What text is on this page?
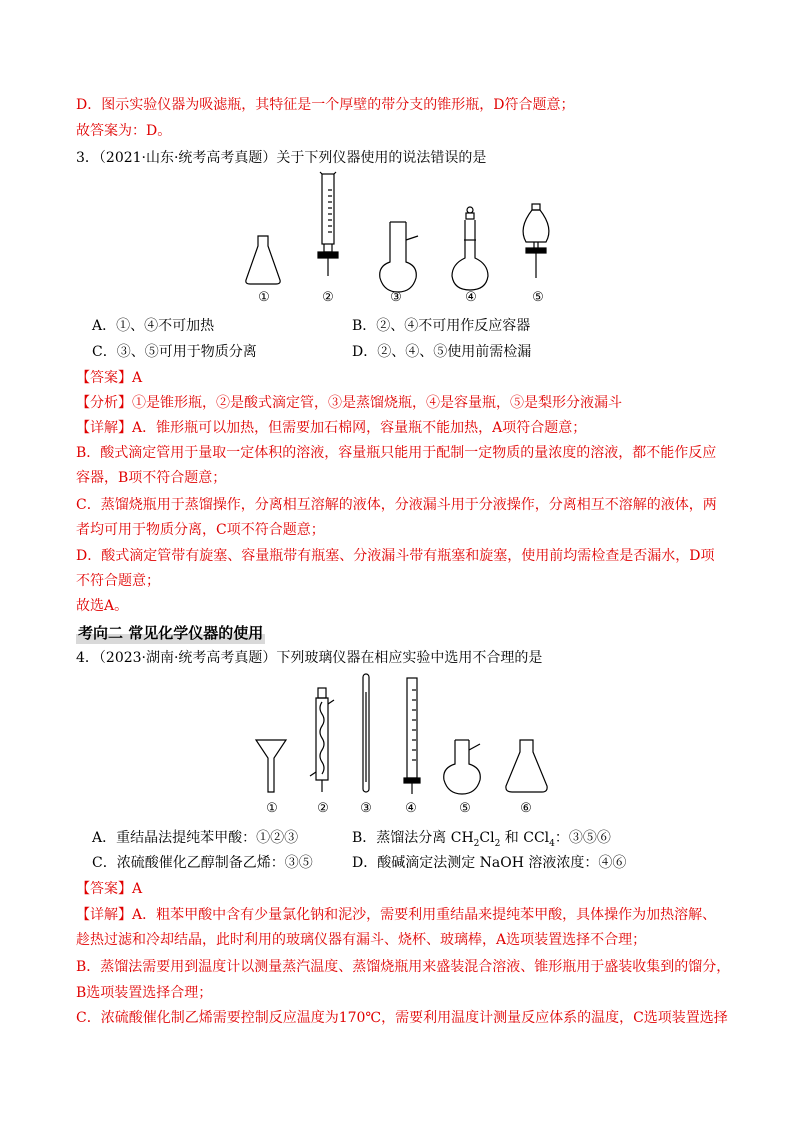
D．图示实验仪器为吸滤瓶，其特征是一个厚壁的带分支的锥形瓶，D符合题意；
故答案为：D。
3．（2021·山东·统考高考真题）关于下列仪器使用的说法错误的是
①	②	③	④	⑤
A．①、④不可加热	B．②、④不可用作反应容器
C．③、⑤可用于物质分离	D．②、④、⑤使用前需检漏
【答案】A
【分析】①是锥形瓶，②是酸式滴定管，③是蒸馏烧瓶，④是容量瓶，⑤是梨形分液漏斗
【详解】A．锥形瓶可以加热，但需要加石棉网，容量瓶不能加热，A项符合题意；
B．酸式滴定管用于量取一定体积的溶液，容量瓶只能用于配制一定物质的量浓度的溶液，都不能作反应
容器，B项不符合题意；
C．蒸馏烧瓶用于蒸馏操作，分离相互溶解的液体，分液漏斗用于分液操作，分离相互不溶解的液体，两
者均可用于物质分离，C项不符合题意；
D．酸式滴定管带有旋塞、容量瓶带有瓶塞、分液漏斗带有瓶塞和旋塞，使用前均需检查是否漏水，D项
不符合题意；
故选A。
考向二 常见化学仪器的使用
4．（2023·湖南·统考高考真题）下列玻璃仪器在相应实验中选用不合理的是
①	②	③	④	⑤	⑥
A．重结晶法提纯苯甲酸：①②③	B．蒸馏法分离 $CH_2Cl_2$ 和 CCl$_4$：③⑤⑥
C．浓硫酸催化乙醇制备乙烯：③⑤	D．酸碱滴定法测定 NaOH 溶液浓度：④⑥
【答案】A
【详解】A．粗苯甲酸中含有少量氯化钠和泥沙，需要利用重结晶来提纯苯甲酸，具体操作为加热溶解、
趁热过滤和冷却结晶，此时利用的玻璃仪器有漏斗、烧杯、玻璃棒，A选项装置选择不合理；
B．蒸馏法需要用到温度计以测量蒸汽温度、蒸馏烧瓶用来盛装混合溶液、锥形瓶用于盛装收集到的馏分，
B选项装置选择合理；
C．浓硫酸催化制乙烯需要控制反应温度为170℃，需要利用温度计测量反应体系的温度，C选项装置选择
